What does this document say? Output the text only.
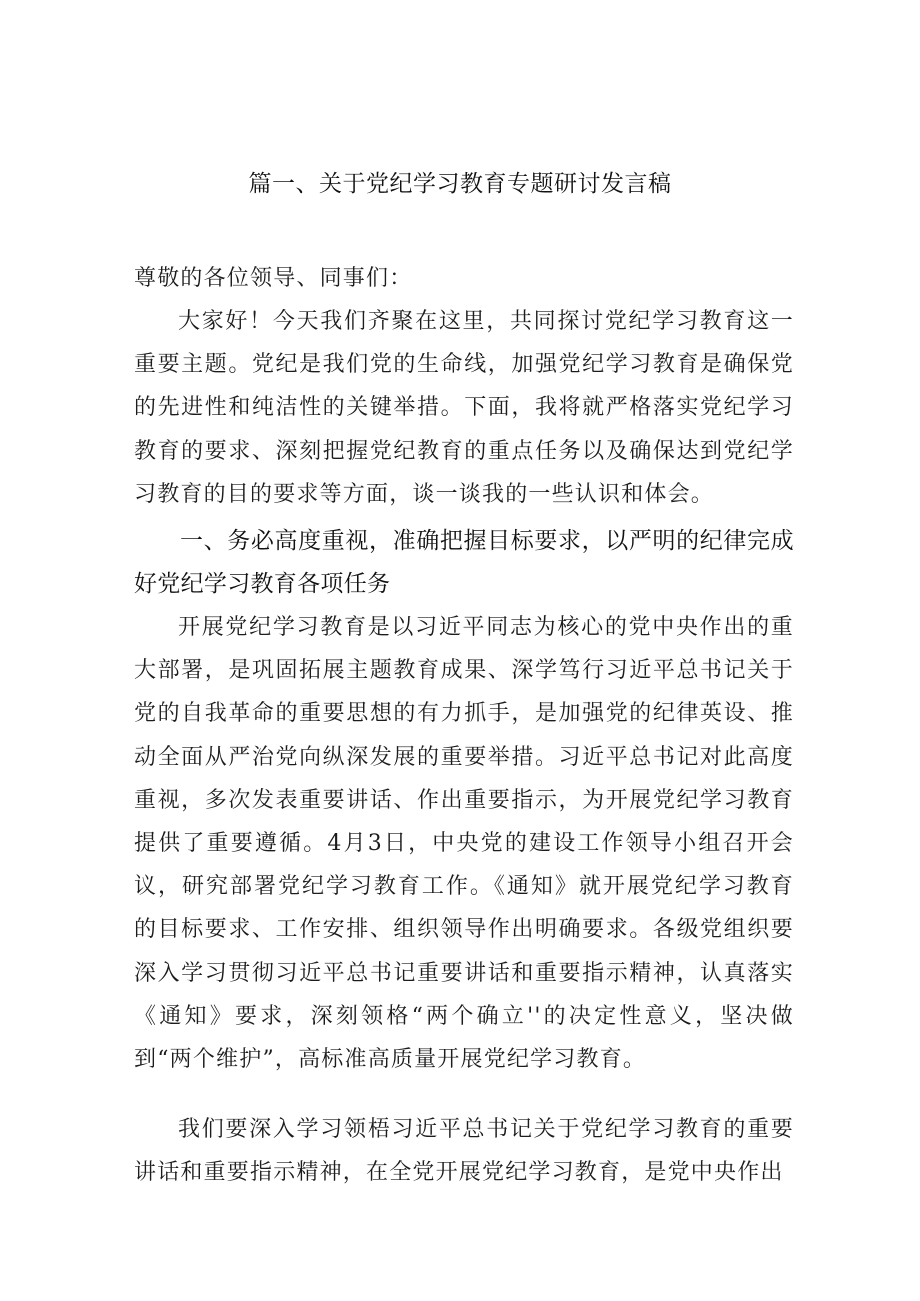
篇一、关于党纪学习教育专题研讨发言稿
尊敬的各位领导、同事们：
大家好！今天我们齐聚在这里，共同探讨党纪学习教育这一重要主题。党纪是我们党的生命线，加强党纪学习教育是确保党的先进性和纯洁性的关键举措。下面，我将就严格落实党纪学习教育的要求、深刻把握党纪教育的重点任务以及确保达到党纪学习教育的目的要求等方面，谈一谈我的一些认识和体会。
一、务必高度重视，准确把握目标要求，以严明的纪律完成好党纪学习教育各项任务
开展党纪学习教育是以习近平同志为核心的党中央作出的重大部署，是巩固拓展主题教育成果、深学笃行习近平总书记关于党的自我革命的重要思想的有力抓手，是加强党的纪律英设、推动全面从严治党向纵深发展的重要举措。习近平总书记对此高度重视，多次发表重要讲话、作出重要指示，为开展党纪学习教育提供了重要遵循。4月3日，中央党的建设工作领导小组召开会议，研究部署党纪学习教育工作。《通知》就开展党纪学习教育的目标要求、工作安排、组织领导作出明确要求。各级党组织要深入学习贯彻习近平总书记重要讲话和重要指示精神，认真落实《通知》要求，深刻领格“两个确立''的决定性意义，坚决做到“两个维护”，高标准高质量开展党纪学习教育。
我们要深入学习领梧习近平总书记关于党纪学习教育的重要讲话和重要指示精神，在全党开展党纪学习教育，是党中央作出
